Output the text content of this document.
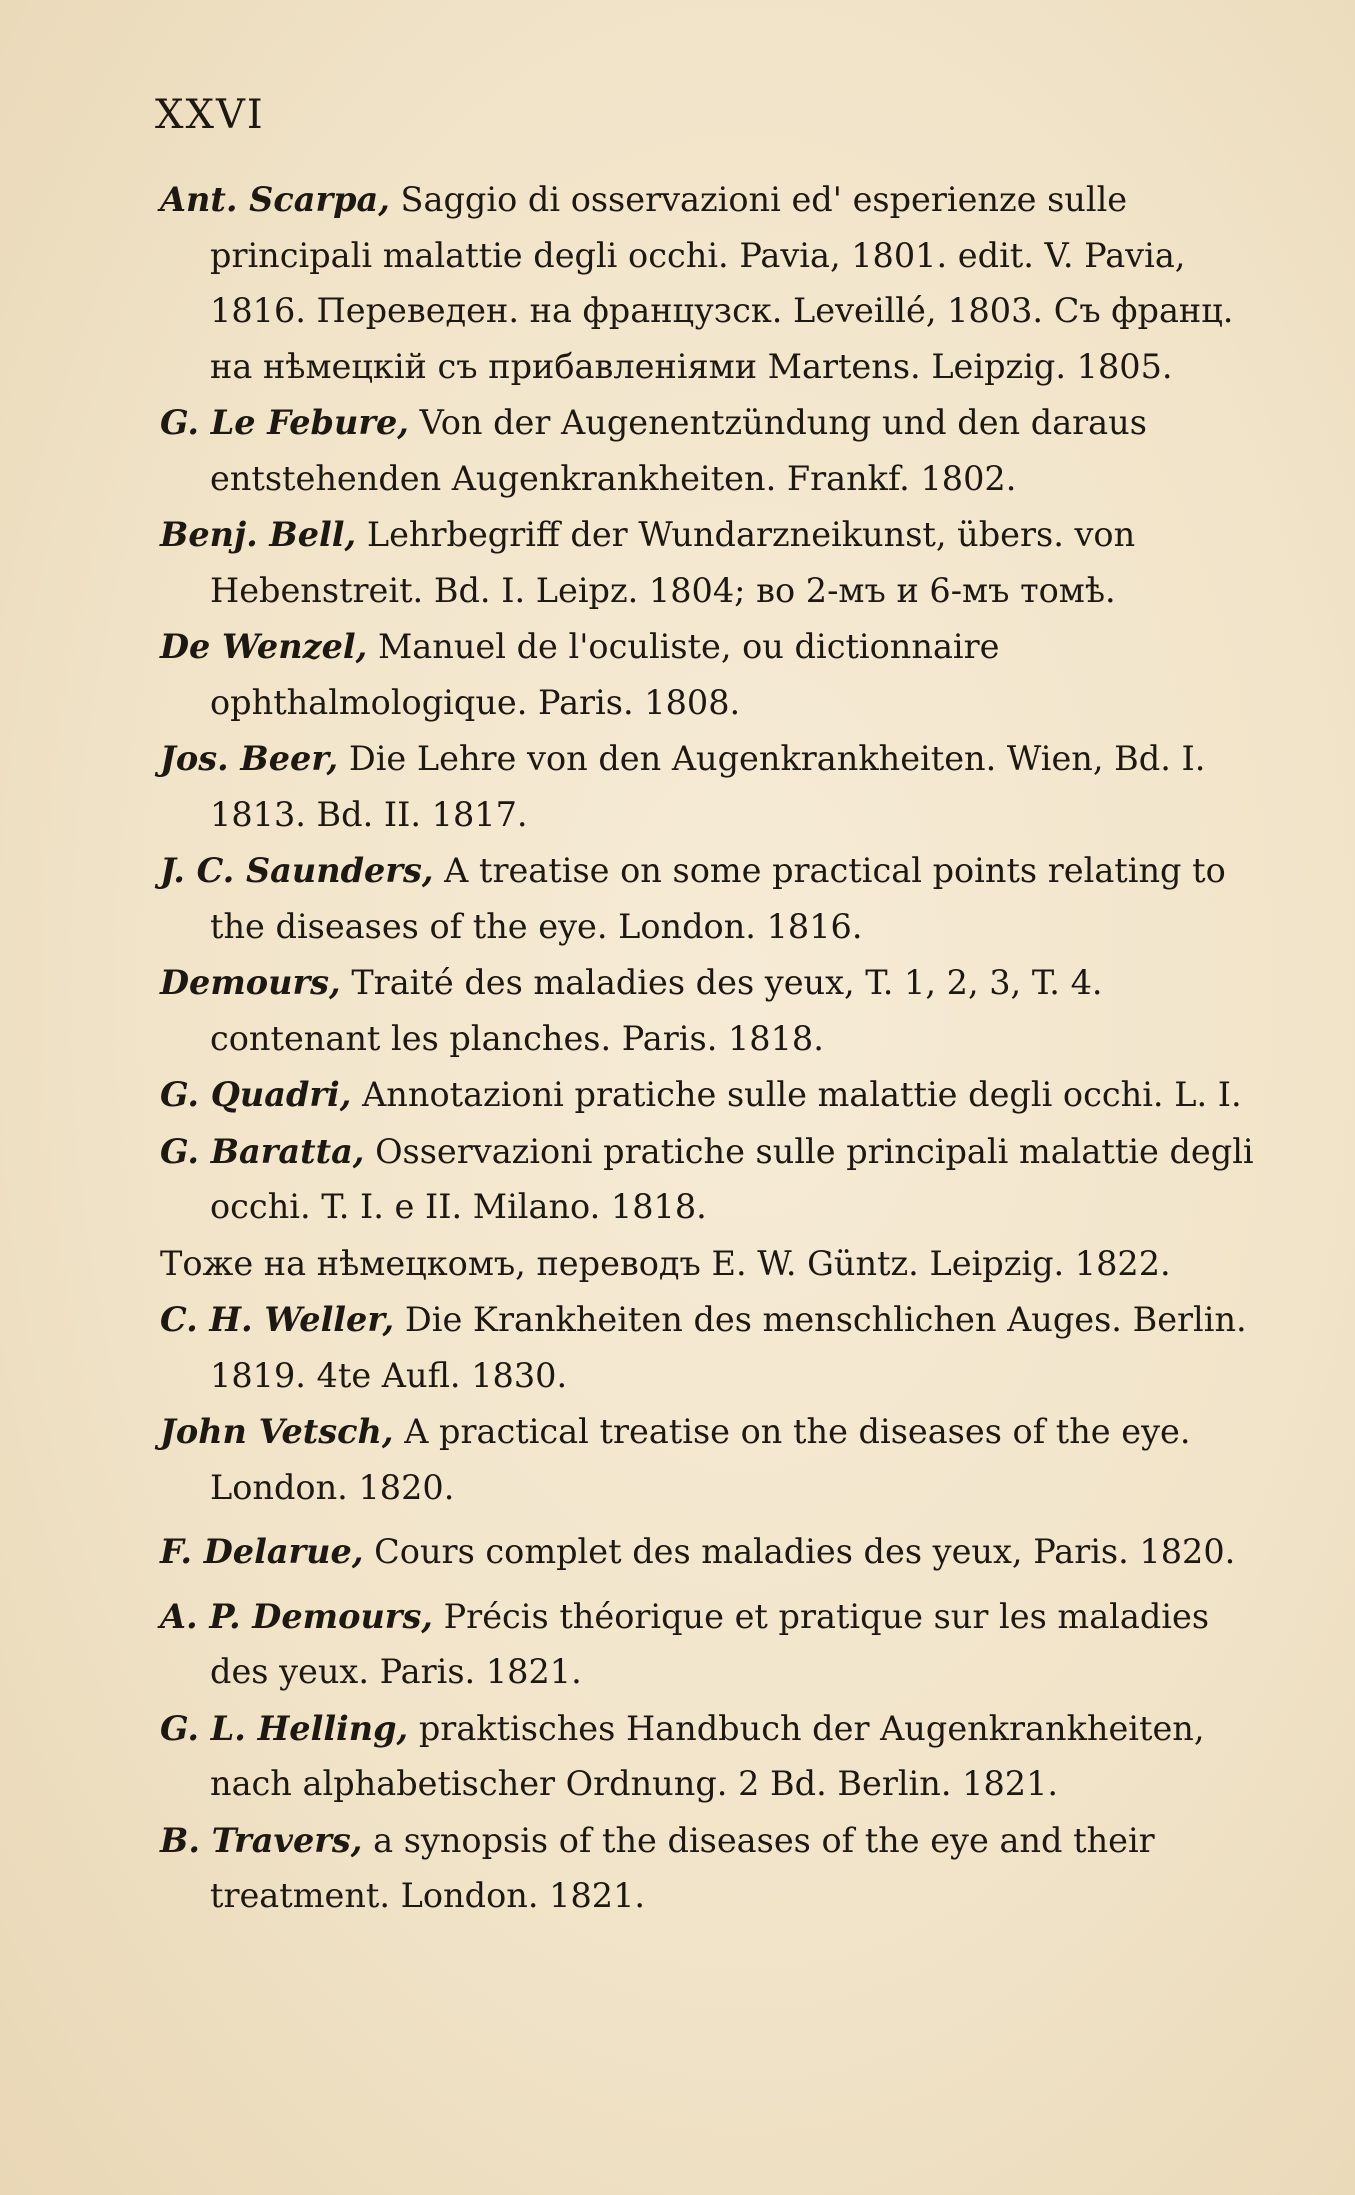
XXVI
Ant. Scarpa, Saggio di osservazioni ed' esperienze sulle principali malattie degli occhi. Pavia, 1801. edit. V. Pavia, 1816. Переведен. на французск. Leveillé, 1803. Съ франц. на нѣмецкій съ прибавленіями Martens. Leipzig. 1805.
G. Le Febure, Von der Augenentzündung und den daraus entstehenden Augenkrankheiten. Frankf. 1802.
Benj. Bell, Lehrbegriff der Wundarzneikunst, übers. von Hebenstreit. Bd. I. Leipz. 1804; во 2-мъ и 6-мъ томѣ.
De Wenzel, Manuel de l'oculiste, ou dictionnaire ophthalmologique. Paris. 1808.
Jos. Beer, Die Lehre von den Augenkrankheiten. Wien, Bd. I. 1813. Bd. II. 1817.
J. C. Saunders, A treatise on some practical points relating to the diseases of the eye. London. 1816.
Demours, Traité des maladies des yeux, T. 1, 2, 3, T. 4. contenant les planches. Paris. 1818.
G. Quadri, Annotazioni pratiche sulle malattie degli occhi. L. I.
G. Baratta, Osservazioni pratiche sulle principali malattie degli occhi. T. I. e II. Milano. 1818.
Тоже на нѣмецкомъ, переводъ E. W. Güntz. Leipzig. 1822.
C. H. Weller, Die Krankheiten des menschlichen Auges. Berlin. 1819. 4te Aufl. 1830.
John Vetsch, A practical treatise on the diseases of the eye. London. 1820.
F. Delarue, Cours complet des maladies des yeux, Paris. 1820.
A. P. Demours, Précis théorique et pratique sur les maladies des yeux. Paris. 1821.
G. L. Helling, praktisches Handbuch der Augenkrankheiten, nach alphabetischer Ordnung. 2 Bd. Berlin. 1821.
B. Travers, a synopsis of the diseases of the eye and their treatment. London. 1821.
